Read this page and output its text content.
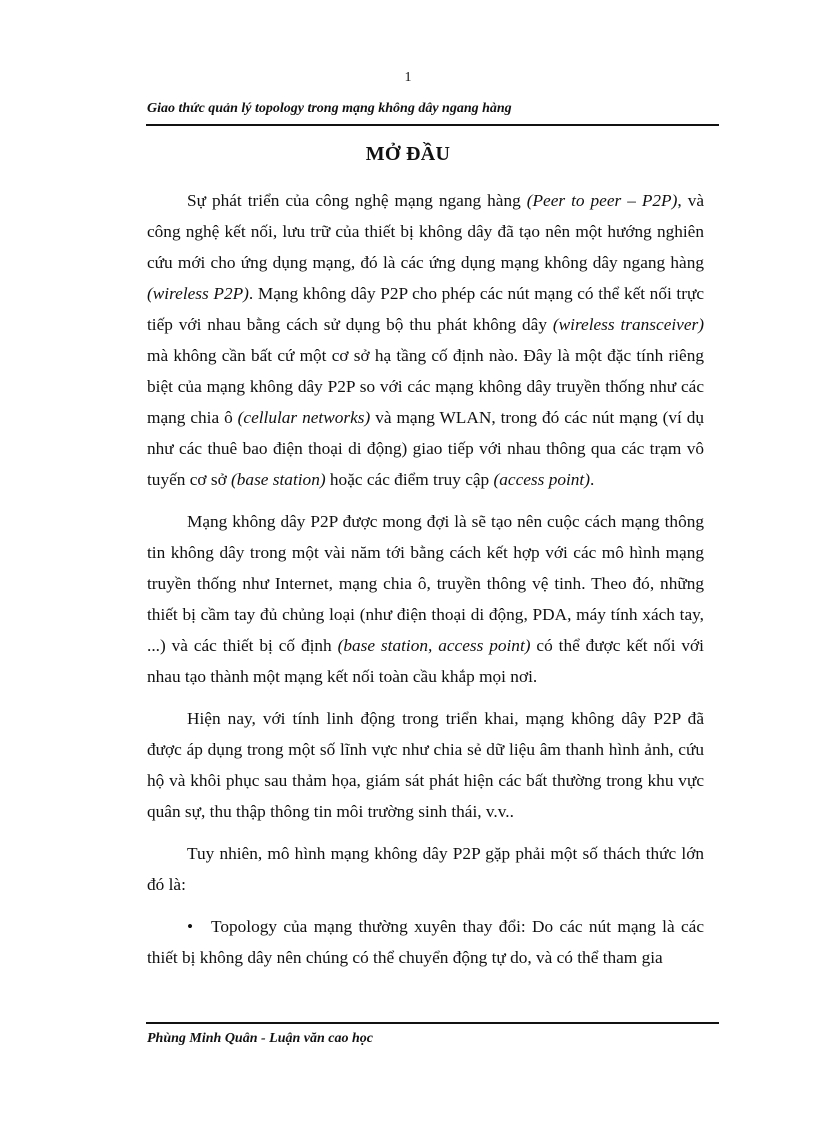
1
Giao thức quản lý topology trong mạng không dây ngang hàng
MỞ ĐẦU

Sự phát triển của công nghệ mạng ngang hàng (Peer to peer – P2P), và công nghệ kết nối, lưu trữ của thiết bị không dây đã tạo nên một hướng nghiên cứu mới cho ứng dụng mạng, đó là các ứng dụng mạng không dây ngang hàng (wireless P2P). Mạng không dây P2P cho phép các nút mạng có thể kết nối trực tiếp với nhau bằng cách sử dụng bộ thu phát không dây (wireless transceiver) mà không cần bất cứ một cơ sở hạ tầng cố định nào. Đây là một đặc tính riêng biệt của mạng không dây P2P so với các mạng không dây truyền thống như các mạng chia ô (cellular networks) và mạng WLAN, trong đó các nút mạng (ví dụ như các thuê bao điện thoại di động) giao tiếp với nhau thông qua các trạm vô tuyến cơ sở (base station) hoặc các điểm truy cập (access point).

Mạng không dây P2P được mong đợi là sẽ tạo nên cuộc cách mạng thông tin không dây trong một vài năm tới bằng cách kết hợp với các mô hình mạng truyền thống như Internet, mạng chia ô, truyền thông vệ tinh. Theo đó, những thiết bị cầm tay đủ chủng loại (như điện thoại di động, PDA, máy tính xách tay, ...) và các thiết bị cố định (base station, access point) có thể được kết nối với nhau tạo thành một mạng kết nối toàn cầu khắp mọi nơi.

Hiện nay, với tính linh động trong triển khai, mạng không dây P2P đã được áp dụng trong một số lĩnh vực như chia sẻ dữ liệu âm thanh hình ảnh, cứu hộ và khôi phục sau thảm họa, giám sát phát hiện các bất thường trong khu vực quân sự, thu thập thông tin môi trường sinh thái, v.v..

Tuy nhiên, mô hình mạng không dây P2P gặp phải một số thách thức lớn đó là:

• Topology của mạng thường xuyên thay đổi: Do các nút mạng là các thiết bị không dây nên chúng có thể chuyển động tự do, và có thể tham gia

Phùng Minh Quân - Luận văn cao học
